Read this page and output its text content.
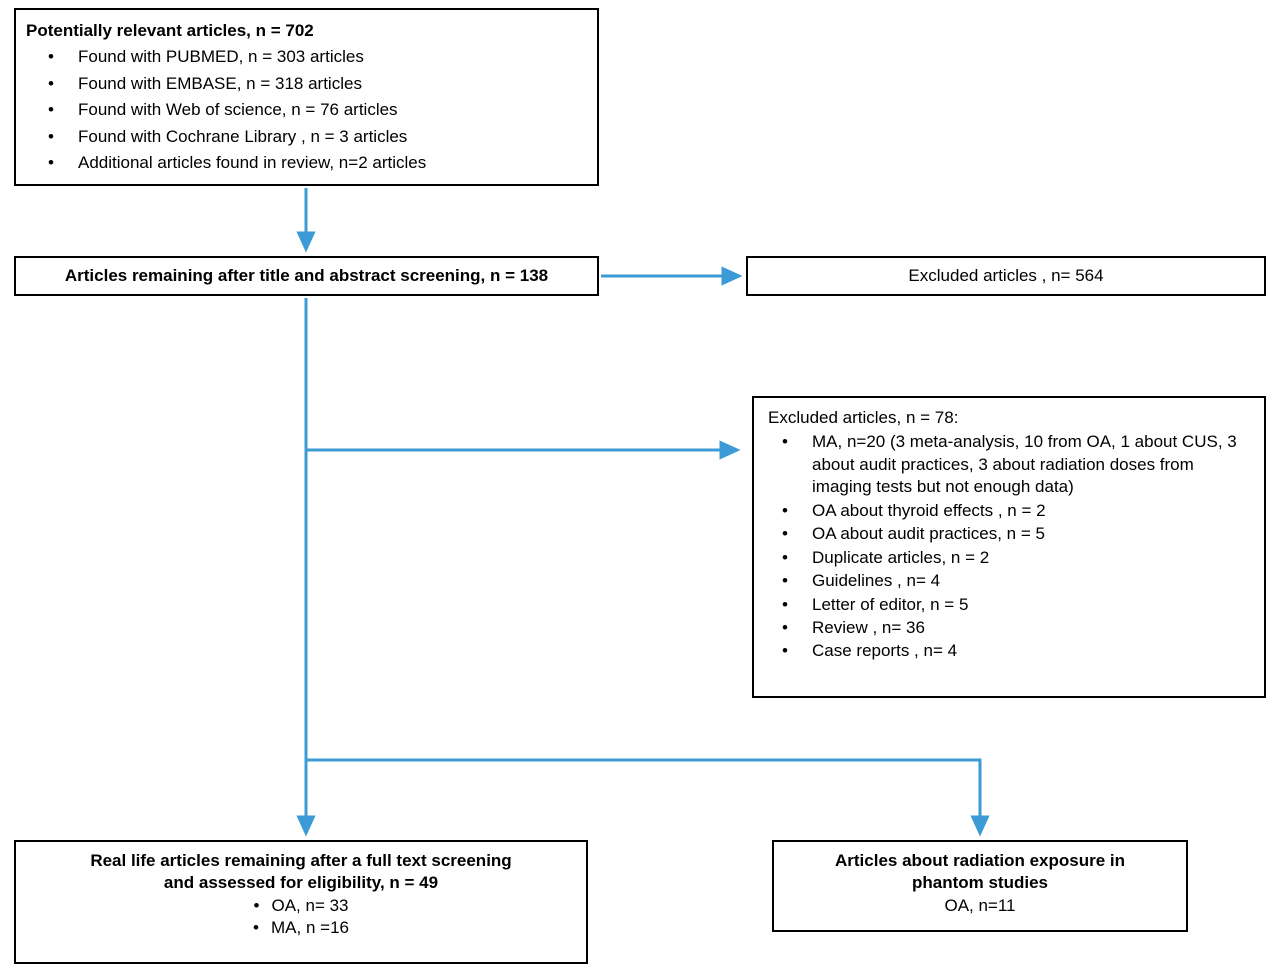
Potentially relevant articles, n = 702
• Found with PUBMED, n = 303 articles
• Found with EMBASE, n = 318 articles
• Found with Web of science, n = 76 articles
• Found with Cochrane Library , n = 3 articles
• Additional articles found in review, n=2 articles
Articles remaining after title and abstract screening, n = 138	Excluded articles , n= 564
Excluded articles, n = 78:
• MA, n=20 (3 meta-analysis, 10 from OA, 1 about CUS, 3 about audit practices, 3 about radiation doses from imaging tests but not enough data)
• OA about thyroid effects , n = 2
• OA about audit practices, n = 5
• Duplicate articles, n = 2
• Guidelines , n= 4
• Letter of editor, n = 5
• Review , n= 36
• Case reports , n= 4
Real life articles remaining after a full text screening
and assessed for eligibility, n = 49
• OA, n= 33
• MA, n =16
Articles about radiation exposure in
phantom studies
OA, n=11
